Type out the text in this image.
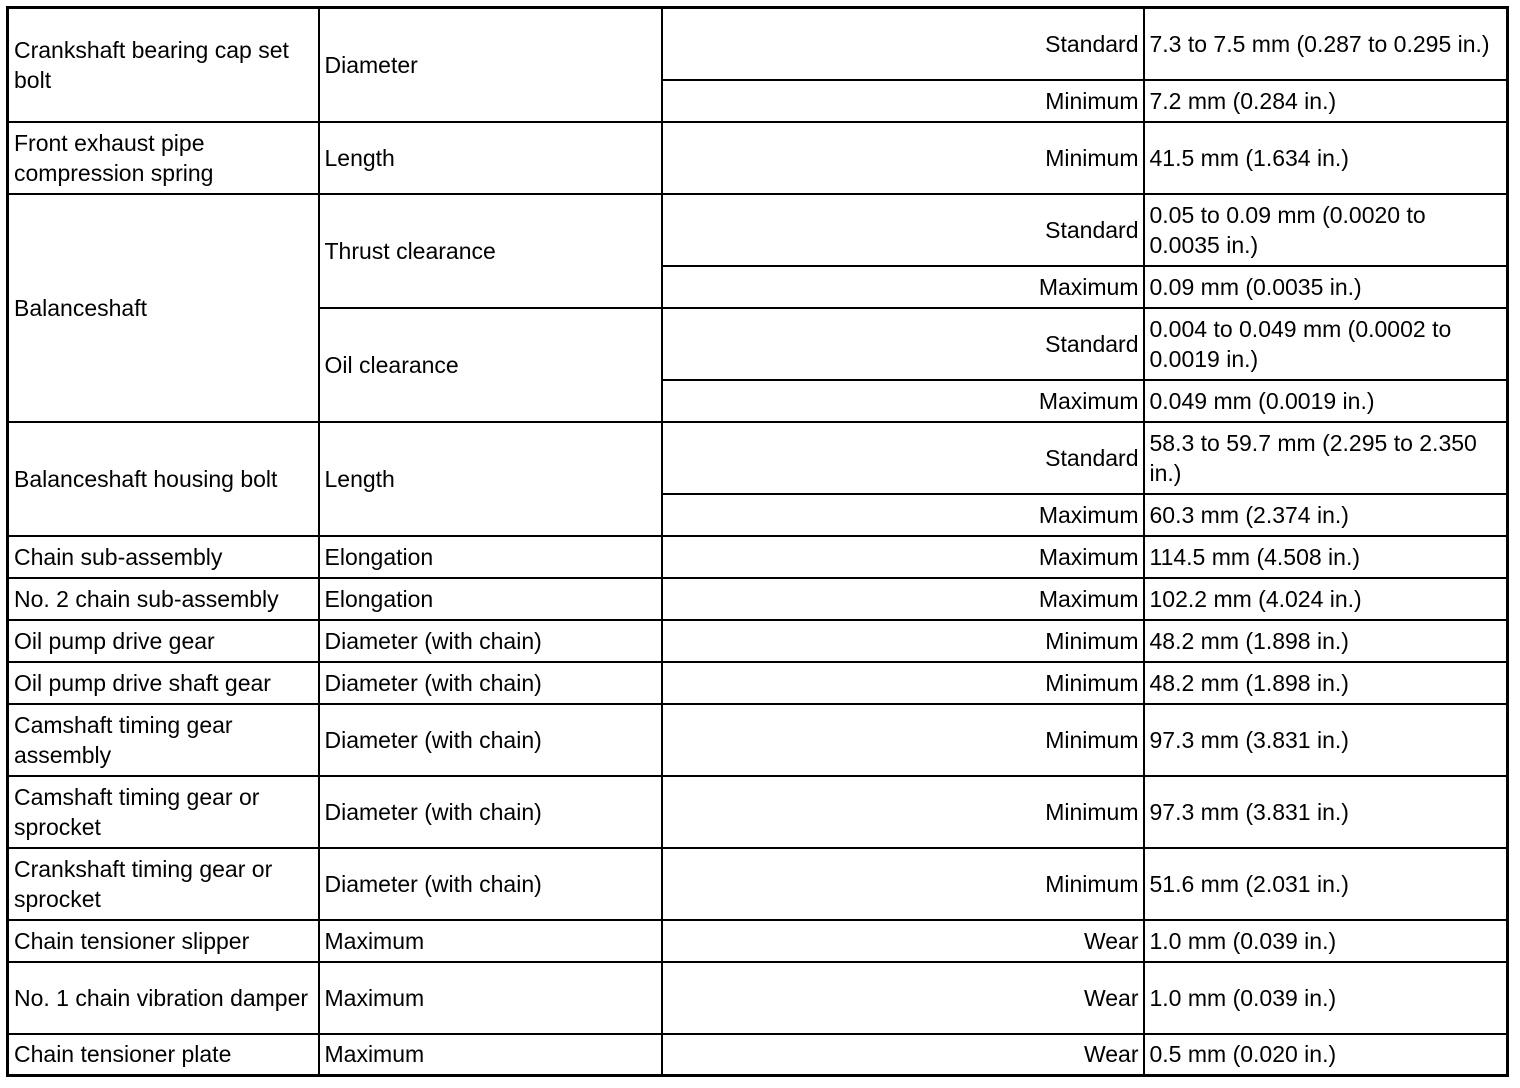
Crankshaft bearing cap set bolt	Diameter	Standard	7.3 to 7.5 mm (0.287 to 0.295 in.)
		Minimum	7.2 mm (0.284 in.)
Front exhaust pipe compression spring	Length	Minimum	41.5 mm (1.634 in.)
Balanceshaft	Thrust clearance	Standard	0.05 to 0.09 mm (0.0020 to 0.0035 in.)
		Maximum	0.09 mm (0.0035 in.)
	Oil clearance	Standard	0.004 to 0.049 mm (0.0002 to 0.0019 in.)
		Maximum	0.049 mm (0.0019 in.)
Balanceshaft housing bolt	Length	Standard	58.3 to 59.7 mm (2.295 to 2.350 in.)
		Maximum	60.3 mm (2.374 in.)
Chain sub-assembly	Elongation	Maximum	114.5 mm (4.508 in.)
No. 2 chain sub-assembly	Elongation	Maximum	102.2 mm (4.024 in.)
Oil pump drive gear	Diameter (with chain)	Minimum	48.2 mm (1.898 in.)
Oil pump drive shaft gear	Diameter (with chain)	Minimum	48.2 mm (1.898 in.)
Camshaft timing gear assembly	Diameter (with chain)	Minimum	97.3 mm (3.831 in.)
Camshaft timing gear or sprocket	Diameter (with chain)	Minimum	97.3 mm (3.831 in.)
Crankshaft timing gear or sprocket	Diameter (with chain)	Minimum	51.6 mm (2.031 in.)
Chain tensioner slipper	Maximum	Wear	1.0 mm (0.039 in.)
No. 1 chain vibration damper	Maximum	Wear	1.0 mm (0.039 in.)
Chain tensioner plate	Maximum	Wear	0.5 mm (0.020 in.)
